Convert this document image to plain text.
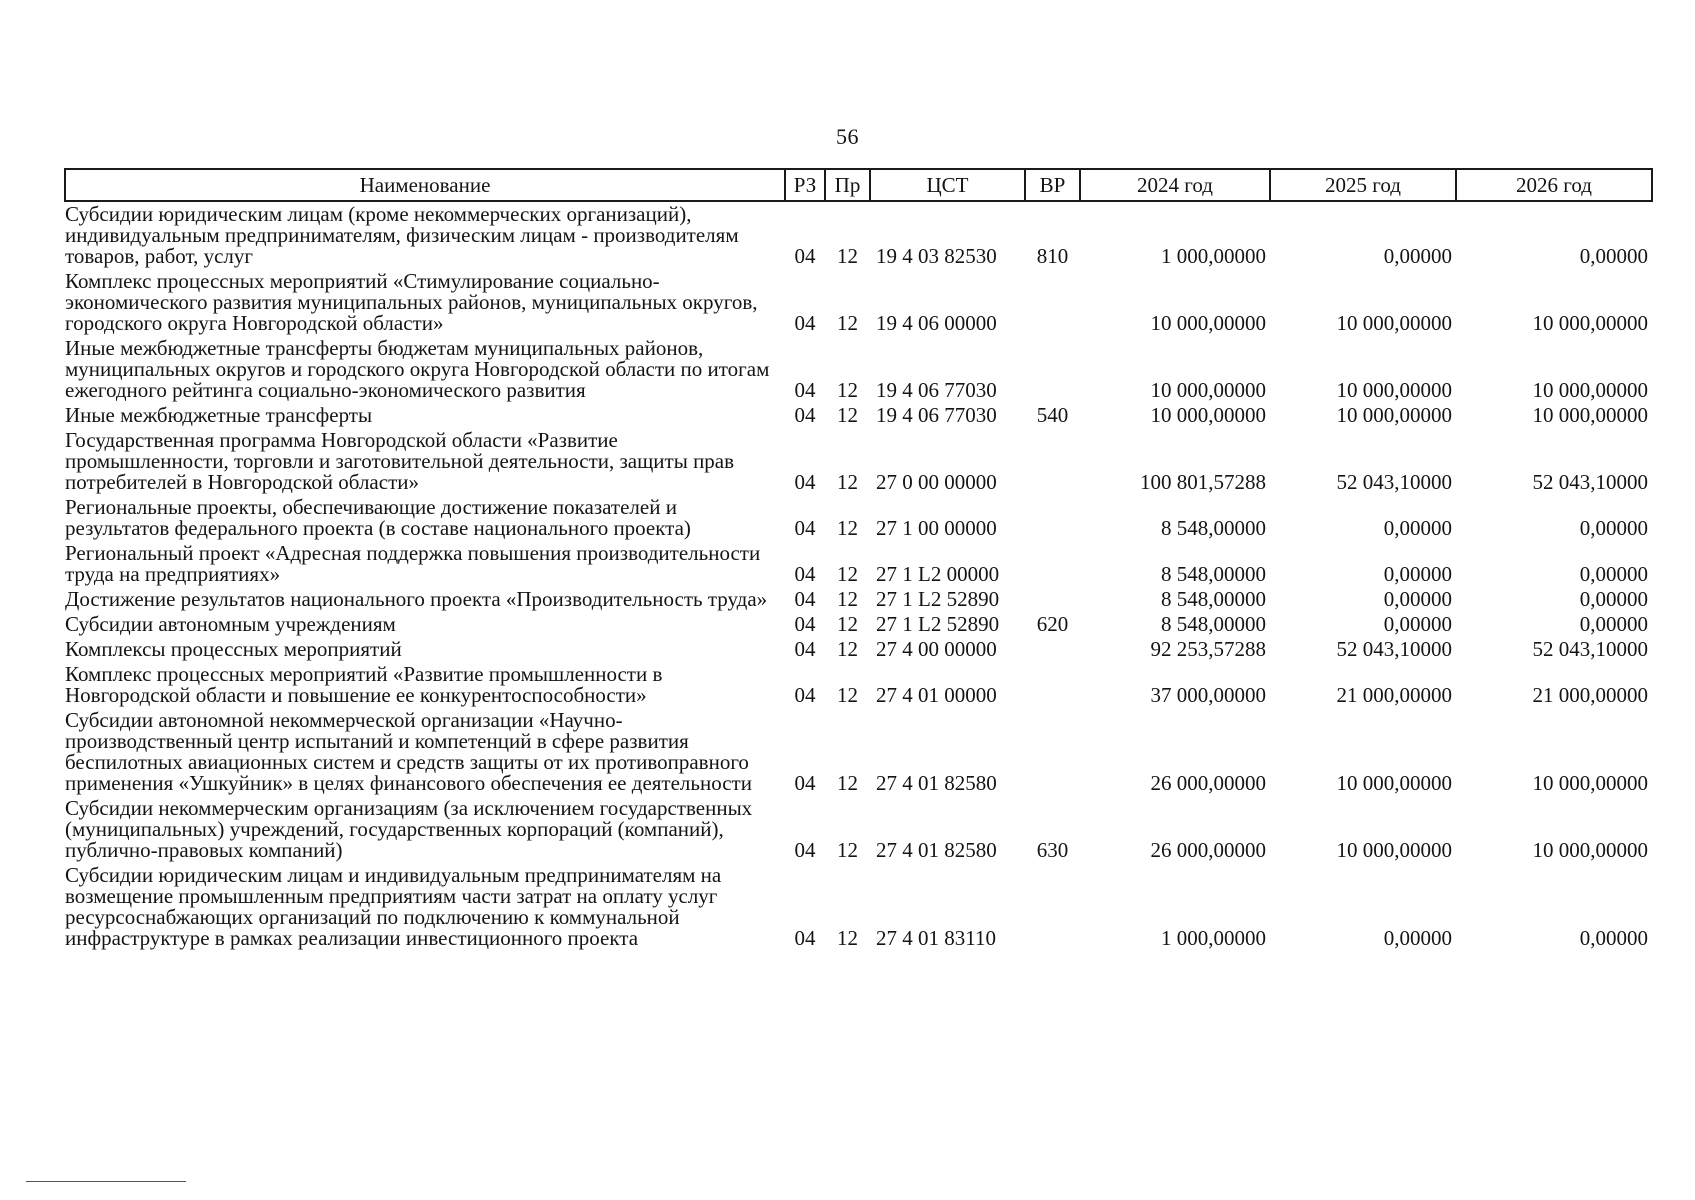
56
Наименование	РЗ	Пр	ЦСТ	ВР	2024 год	2025 год	2026 год
Субсидии юридическим лицам (кроме некоммерческих организаций), индивидуальным предпринимателям, физическим лицам - производителям товаров, работ, услуг	04	12	19 4 03 82530	810	1 000,00000	0,00000	0,00000
Комплекс процессных мероприятий «Стимулирование социально-экономического развития муниципальных районов, муниципальных округов, городского округа Новгородской области»	04	12	19 4 06 00000		10 000,00000	10 000,00000	10 000,00000
Иные межбюджетные трансферты бюджетам муниципальных районов, муниципальных округов и городского округа Новгородской области по итогам ежегодного рейтинга социально-экономического развития	04	12	19 4 06 77030		10 000,00000	10 000,00000	10 000,00000
Иные межбюджетные трансферты	04	12	19 4 06 77030	540	10 000,00000	10 000,00000	10 000,00000
Государственная программа Новгородской области «Развитие промышленности, торговли и заготовительной деятельности, защиты прав потребителей в Новгородской области»	04	12	27 0 00 00000		100 801,57288	52 043,10000	52 043,10000
Региональные проекты, обеспечивающие достижение показателей и результатов федерального проекта (в составе национального проекта)	04	12	27 1 00 00000		8 548,00000	0,00000	0,00000
Региональный проект «Адресная поддержка повышения производительности труда на предприятиях»	04	12	27 1 L2 00000		8 548,00000	0,00000	0,00000
Достижение результатов национального проекта «Производительность труда»	04	12	27 1 L2 52890		8 548,00000	0,00000	0,00000
Субсидии автономным учреждениям	04	12	27 1 L2 52890	620	8 548,00000	0,00000	0,00000
Комплексы процессных мероприятий	04	12	27 4 00 00000		92 253,57288	52 043,10000	52 043,10000
Комплекс процессных мероприятий «Развитие промышленности в Новгородской области и повышение ее конкурентоспособности»	04	12	27 4 01 00000		37 000,00000	21 000,00000	21 000,00000
Субсидии автономной некоммерческой организации «Научно-производственный центр испытаний и компетенций в сфере развития беспилотных авиационных систем и средств защиты от их противоправного применения «Ушкуйник» в целях финансового обеспечения ее деятельности	04	12	27 4 01 82580		26 000,00000	10 000,00000	10 000,00000
Субсидии некоммерческим организациям (за исключением государственных (муниципальных) учреждений, государственных корпораций (компаний), публично-правовых компаний)	04	12	27 4 01 82580	630	26 000,00000	10 000,00000	10 000,00000
Субсидии юридическим лицам и индивидуальным предпринимателям на возмещение промышленным предприятиям части затрат на оплату услуг ресурсоснабжающих организаций по подключению к коммунальной инфраструктуре в рамках реализации инвестиционного проекта	04	12	27 4 01 83110		1 000,00000	0,00000	0,00000
